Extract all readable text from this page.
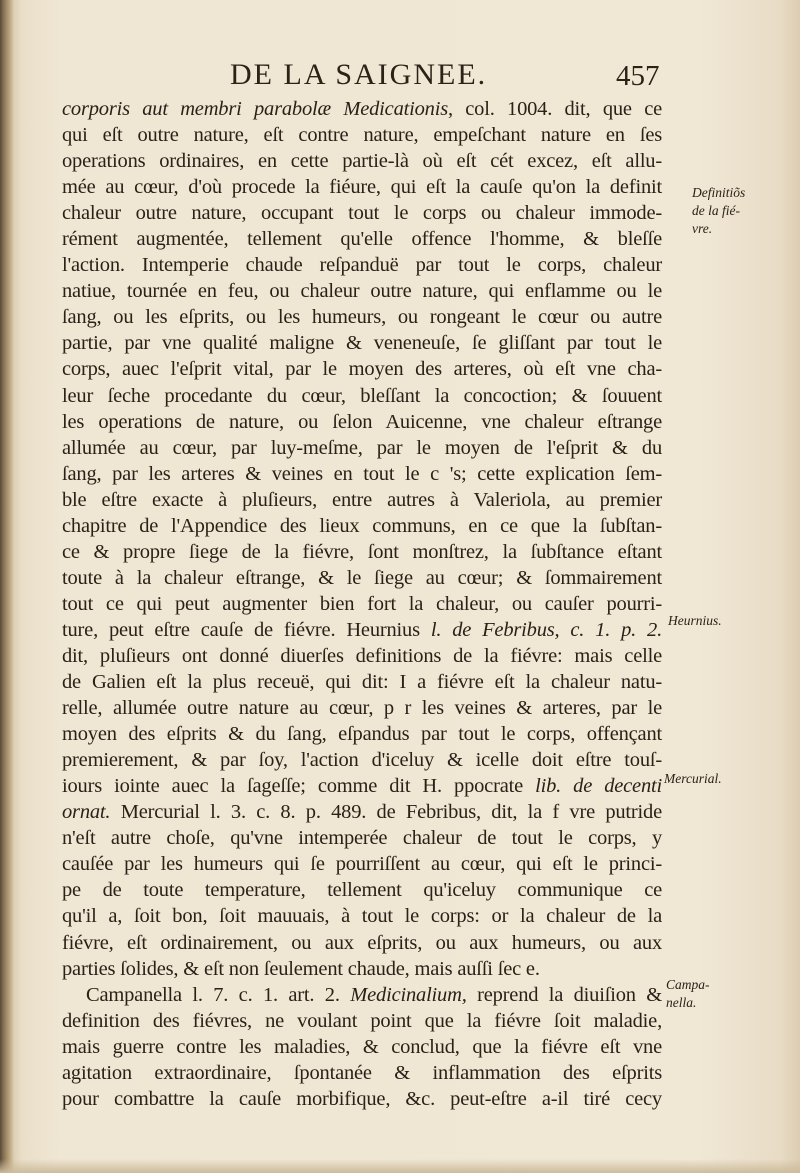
DE LA SAIGNEE.	457
corporis aut membri parabolæ Medicationis, col. 1004. dit, que ce
qui eſt outre nature, eſt contre nature, empeſchant nature en ſes
operations ordinaires, en cette partie-là où eſt cét excez, eſt allu-
mée au cœur, d'où procede la fiéure, qui eſt la cauſe qu'on la definit
chaleur outre nature, occupant tout le corps ou chaleur immode-
rément augmentée, tellement qu'elle offence l'homme, & bleſſe
l'action. Intemperie chaude reſpanduë par tout le corps, chaleur
natiue, tournée en feu, ou chaleur outre nature, qui enflamme ou le
ſang, ou les eſprits, ou les humeurs, ou rongeant le cœur ou autre
partie, par vne qualité maligne & veneneuſe, ſe gliſſant par tout le
corps, auec l'eſprit vital, par le moyen des arteres, où eſt vne cha-
leur ſeche procedante du cœur, bleſſant la concoction; & ſouuent
les operations de nature, ou ſelon Auicenne, vne chaleur eſtrange
allumée au cœur, par luy-meſme, par le moyen de l'eſprit & du
ſang, par les arteres & veines en tout le c 's; cette explication ſem-
ble eſtre exacte à pluſieurs, entre autres à Valeriola, au premier
chapitre de l'Appendice des lieux communs, en ce que la ſubſtan-
ce & propre ſiege de la fiévre, ſont monſtrez, la ſubſtance eſtant
toute à la chaleur eſtrange, & le ſiege au cœur; & ſommairement
tout ce qui peut augmenter bien fort la chaleur, ou cauſer pourri-
ture, peut eſtre cauſe de fiévre. Heurnius l. de Febribus, c. 1. p. 2.
dit, pluſieurs ont donné diuerſes definitions de la fiévre: mais celle
de Galien eſt la plus receuë, qui dit: I a fiévre eſt la chaleur natu-
relle, allumée outre nature au cœur, p r les veines & arteres, par le
moyen des eſprits & du ſang, eſpandus par tout le corps, offençant
premierement, & par ſoy, l'action d'iceluy & icelle doit eſtre touſ-
iours iointe auec la ſageſſe; comme dit H. ppocrate lib. de decenti
ornat. Mercurial l. 3. c. 8. p. 489. de Febribus, dit, la f vre putride
n'eſt autre choſe, qu'vne intemperée chaleur de tout le corps, y
cauſée par les humeurs qui ſe pourriſſent au cœur, qui eſt le princi-
pe de toute temperature, tellement qu'iceluy communique ce
qu'il a, ſoit bon, ſoit mauuais, à tout le corps: or la chaleur de la
fiévre, eſt ordinairement, ou aux eſprits, ou aux humeurs, ou aux
parties ſolides, & eſt non ſeulement chaude, mais auſſi ſec e.
Campanella l. 7. c. 1. art. 2. Medicinalium, reprend la diuiſion &
definition des fiévres, ne voulant point que la fiévre ſoit maladie,
mais guerre contre les maladies, & conclud, que la fiévre eſt vne
agitation extraordinaire, ſpontanée & inflammation des eſprits
pour combattre la cauſe morbifique, &c. peut-eſtre a-il tiré cecy
Definitiõs
de la fié-
vre.
Heurnius.
Mercurial.
Campa-
nella.
